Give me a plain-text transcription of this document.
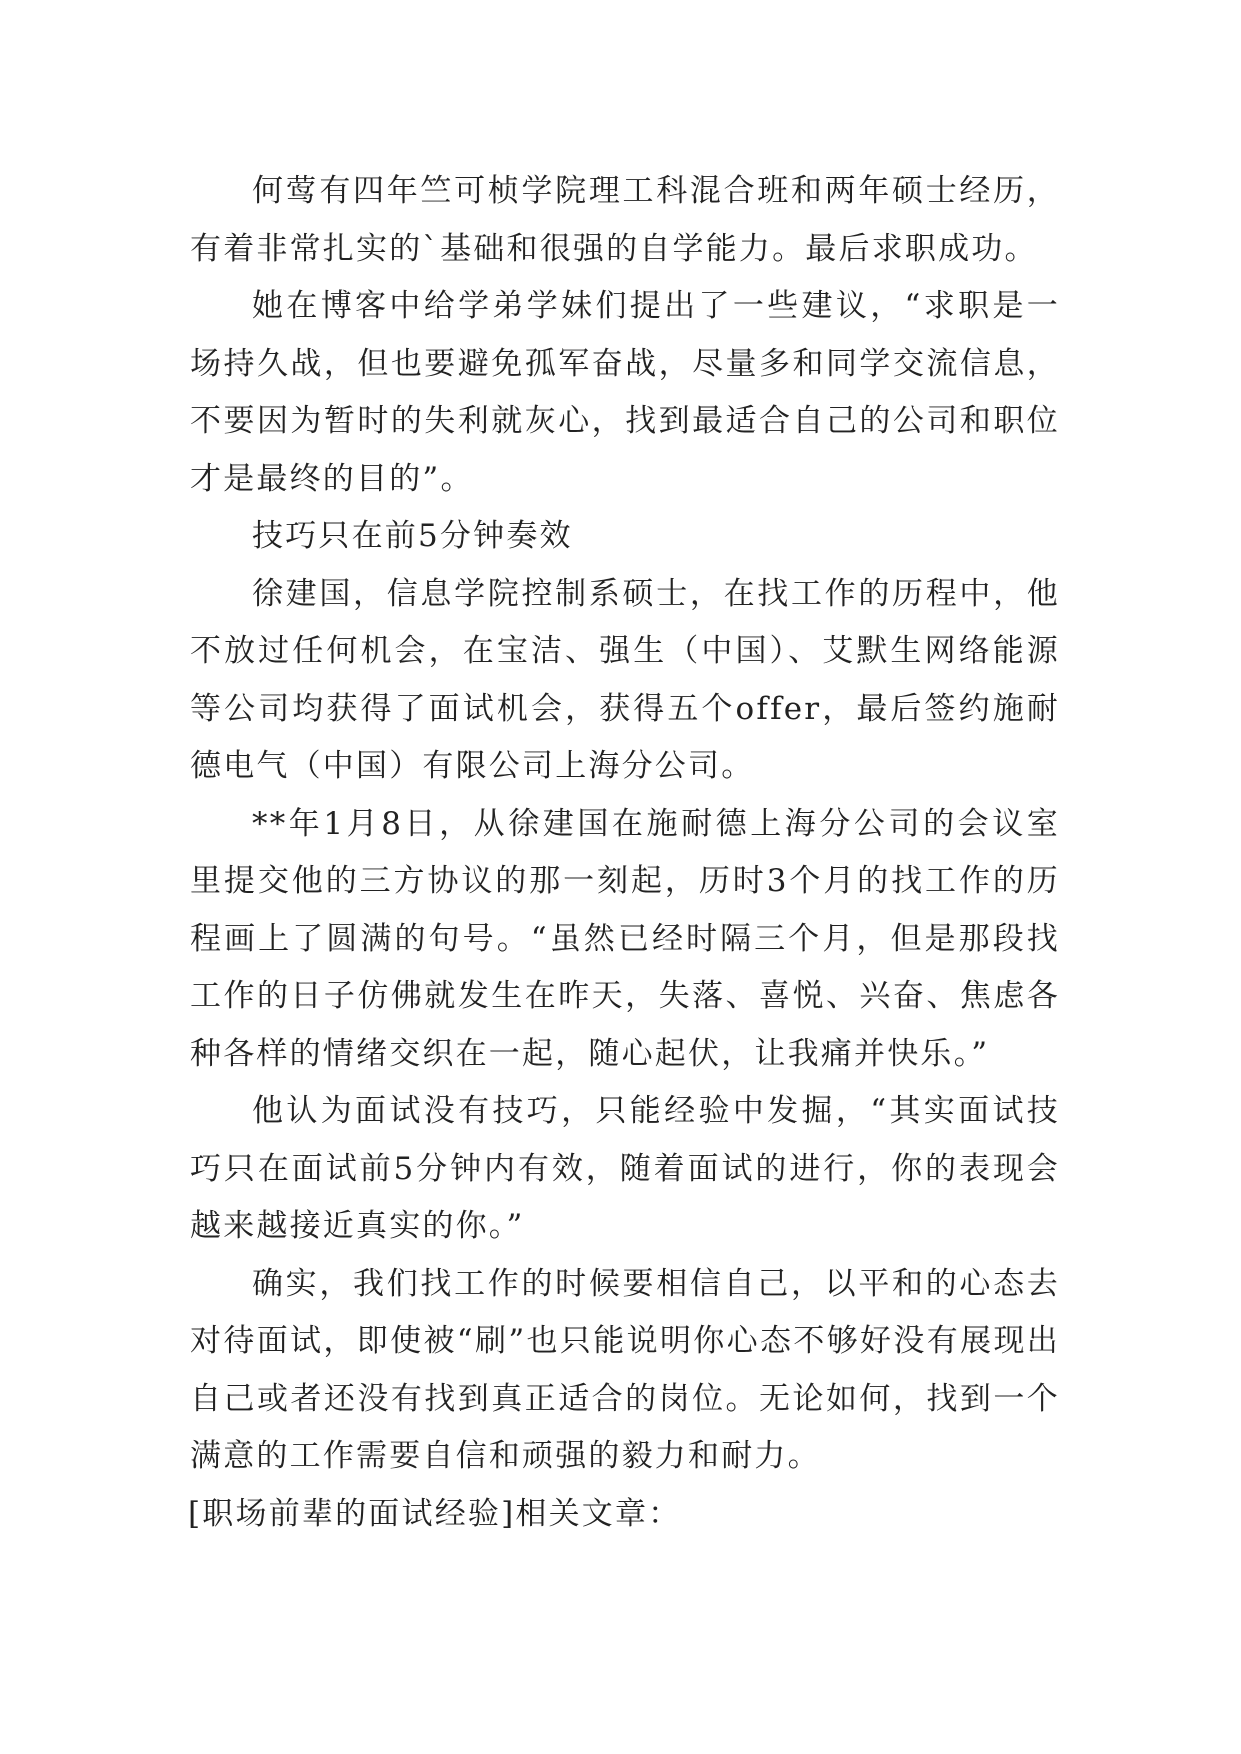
何莺有四年竺可桢学院理工科混合班和两年硕士经历，有着非常扎实的`基础和很强的自学能力。最后求职成功。

她在博客中给学弟学妹们提出了一些建议，“求职是一场持久战，但也要避免孤军奋战，尽量多和同学交流信息，不要因为暂时的失利就灰心，找到最适合自己的公司和职位才是最终的目的”。

技巧只在前5分钟奏效

徐建国，信息学院控制系硕士，在找工作的历程中，他不放过任何机会，在宝洁、强生（中国）、艾默生网络能源等公司均获得了面试机会，获得五个offer，最后签约施耐德电气（中国）有限公司上海分公司。

**年1月8日，从徐建国在施耐德上海分公司的会议室里提交他的三方协议的那一刻起，历时3个月的找工作的历程画上了圆满的句号。“虽然已经时隔三个月，但是那段找工作的日子仿佛就发生在昨天，失落、喜悦、兴奋、焦虑各种各样的情绪交织在一起，随心起伏，让我痛并快乐。”

他认为面试没有技巧，只能经验中发掘，“其实面试技巧只在面试前5分钟内有效，随着面试的进行，你的表现会越来越接近真实的你。”

确实，我们找工作的时候要相信自己，以平和的心态去对待面试，即使被“刷”也只能说明你心态不够好没有展现出自己或者还没有找到真正适合的岗位。无论如何，找到一个满意的工作需要自信和顽强的毅力和耐力。

[职场前辈的面试经验]相关文章：
